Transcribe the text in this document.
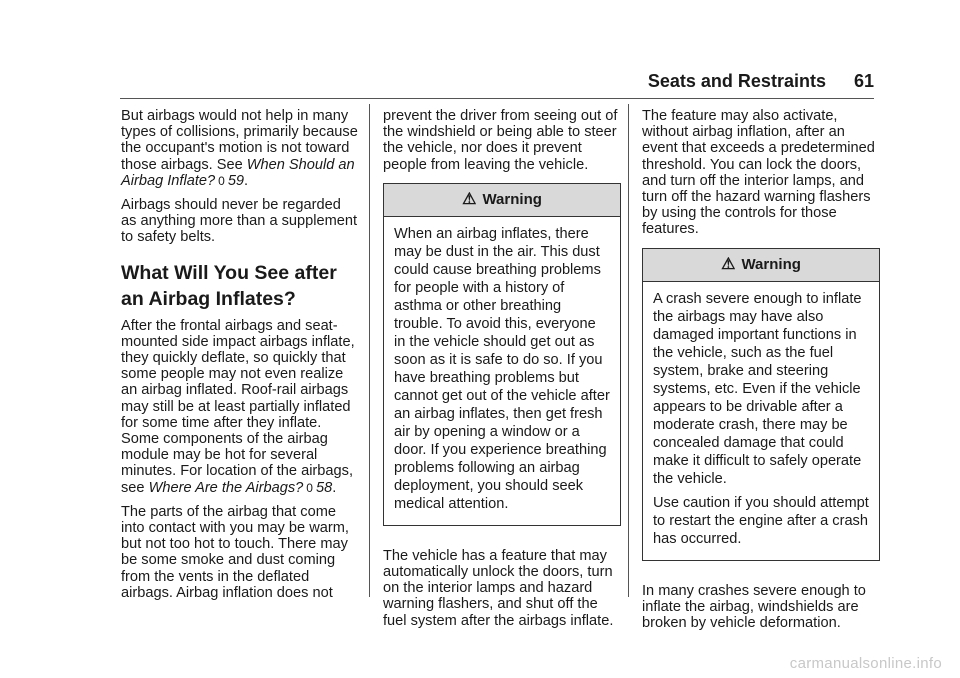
Seats and Restraints 61

But airbags would not help in many types of collisions, primarily because the occupant's motion is not toward those airbags. See When Should an Airbag Inflate? 0 59.

Airbags should never be regarded as anything more than a supplement to safety belts.

What Will You See after an Airbag Inflates?

After the frontal airbags and seat-mounted side impact airbags inflate, they quickly deflate, so quickly that some people may not even realize an airbag inflated. Roof-rail airbags may still be at least partially inflated for some time after they inflate. Some components of the airbag module may be hot for several minutes. For location of the airbags, see Where Are the Airbags? 0 58.

The parts of the airbag that come into contact with you may be warm, but not too hot to touch. There may be some smoke and dust coming from the vents in the deflated airbags. Airbag inflation does not

prevent the driver from seeing out of the windshield or being able to steer the vehicle, nor does it prevent people from leaving the vehicle.

⚠ Warning

When an airbag inflates, there may be dust in the air. This dust could cause breathing problems for people with a history of asthma or other breathing trouble. To avoid this, everyone in the vehicle should get out as soon as it is safe to do so. If you have breathing problems but cannot get out of the vehicle after an airbag inflates, then get fresh air by opening a window or a door. If you experience breathing problems following an airbag deployment, you should seek medical attention.

The vehicle has a feature that may automatically unlock the doors, turn on the interior lamps and hazard warning flashers, and shut off the fuel system after the airbags inflate.

The feature may also activate, without airbag inflation, after an event that exceeds a predetermined threshold. You can lock the doors, and turn off the interior lamps, and turn off the hazard warning flashers by using the controls for those features.

⚠ Warning

A crash severe enough to inflate the airbags may have also damaged important functions in the vehicle, such as the fuel system, brake and steering systems, etc. Even if the vehicle appears to be drivable after a moderate crash, there may be concealed damage that could make it difficult to safely operate the vehicle.

Use caution if you should attempt to restart the engine after a crash has occurred.

In many crashes severe enough to inflate the airbag, windshields are broken by vehicle deformation.

carmanualsonline.info
